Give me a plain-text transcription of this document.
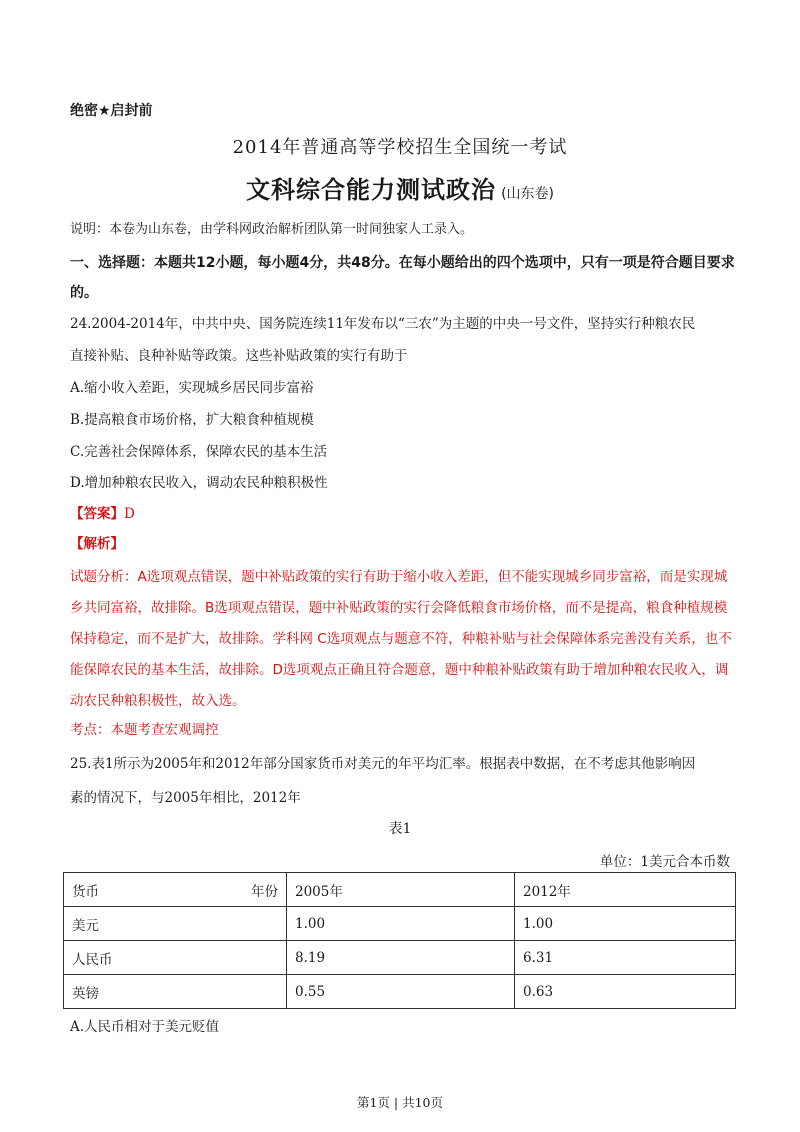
绝密★启封前
2014年普通高等学校招生全国统一考试
文科综合能力测试政治 (山东卷)
说明：本卷为山东卷，由学科网政治解析团队第一时间独家人工录入。
一、选择题：本题共12小题，每小题4分，共48分。在每小题给出的四个选项中，只有一项是符合题目要求的。
24.2004-2014年，中共中央、国务院连续11年发布以“三农”为主题的中央一号文件，坚持实行种粮农民
直接补贴、良种补贴等政策。这些补贴政策的实行有助于
A.缩小收入差距，实现城乡居民同步富裕
B.提高粮食市场价格，扩大粮食种植规模
C.完善社会保障体系，保障农民的基本生活
D.增加种粮农民收入，调动农民种粮积极性
【答案】D
【解析】
试题分析：A选项观点错误，题中补贴政策的实行有助于缩小收入差距，但不能实现城乡同步富裕，而是实现城乡共同富裕，故排除。B选项观点错误，题中补贴政策的实行会降低粮食市场价格，而不是提高，粮食种植规模保持稳定，而不是扩大，故排除。学科网 C选项观点与题意不符，种粮补贴与社会保障体系完善没有关系，也不能保障农民的基本生活，故排除。D选项观点正确且符合题意，题中种粮补贴政策有助于增加种粮农民收入，调动农民种粮积极性，故入选。
考点：本题考查宏观调控
25.表1所示为2005年和2012年部分国家货币对美元的年平均汇率。根据表中数据，在不考虑其他影响因
素的情况下，与2005年相比，2012年
表1
单位：1美元合本币数
货币 年份	2005年	2012年
美元	1.00	1.00
人民币	8.19	6.31
英镑	0.55	0.63
A.人民币相对于美元贬值
第1页 | 共10页
